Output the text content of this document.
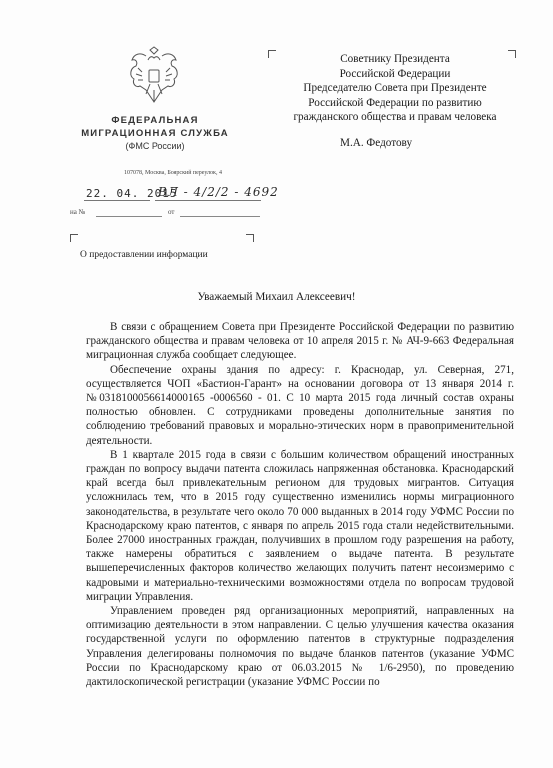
ФЕДЕРАЛЬНАЯ
МИГРАЦИОННАЯ СЛУЖБА
(ФМС России)
107078, Москва, Боярский переулок, 4
22. 04. 2015
ВЛ - 4/2/2 - 4692
на №	от
О предоставлении информации
Советнику Президента
Российской Федерации
Председателю Совета при Президенте
Российской Федерации по развитию
гражданского общества и правам человека
М.А. Федотову
Уважаемый Михаил Алексеевич!

В связи с обращением Совета при Президенте Российской Федерации по развитию гражданского общества и правам человека от 10 апреля 2015 г. № АЧ-9-663 Федеральная миграционная служба сообщает следующее.

Обеспечение охраны здания по адресу: г. Краснодар, ул. Северная, 271, осуществляется ЧОП «Бастион-Гарант» на основании договора от 13 января 2014 г. №0318100056614000165 -0006560 - 01. С 10 марта 2015 года личный состав охраны полностью обновлен. С сотрудниками проведены дополнительные занятия по соблюдению требований правовых и морально-этических норм в правоприменительной деятельности.

В 1 квартале 2015 года в связи с большим количеством обращений иностранных граждан по вопросу выдачи патента сложилась напряженная обстановка. Краснодарский край всегда был привлекательным регионом для трудовых мигрантов. Ситуация усложнилась тем, что в 2015 году существенно изменились нормы миграционного законодательства, в результате чего около 70 000 выданных в 2014 году УФМС России по Краснодарскому краю патентов, с января по апрель 2015 года стали недействительными. Более 27000 иностранных граждан, получивших в прошлом году разрешения на работу, также намерены обратиться с заявлением о выдаче патента. В результате вышеперечисленных факторов количество желающих получить патент несоизмеримо с кадровыми и материально-техническими возможностями отдела по вопросам трудовой миграции Управления.

Управлением проведен ряд организационных мероприятий, направленных на оптимизацию деятельности в этом направлении. С целью улучшения качества оказания государственной услуги по оформлению патентов в структурные подразделения Управления делегированы полномочия по выдаче бланков патентов (указание УФМС России по Краснодарскому краю от 06.03.2015 № 1/6-2950), по проведению дактилоскопической регистрации (указание УФМС России по
